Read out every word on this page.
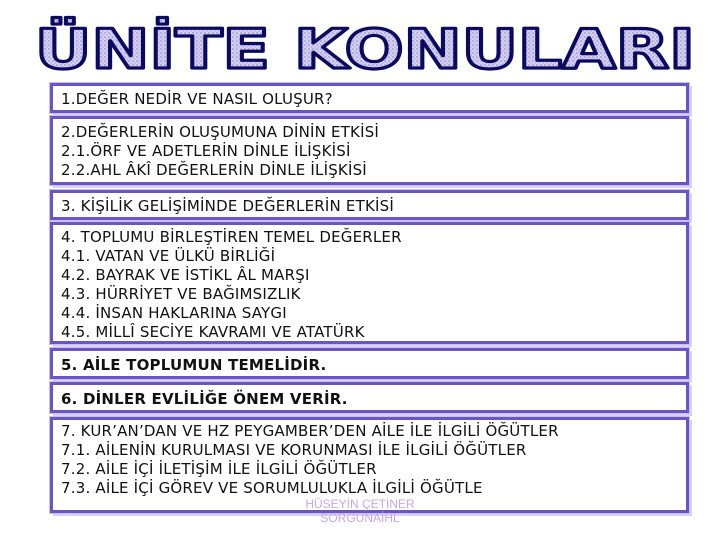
ÜNİTE KONULARI
1.DEĞER NEDİR VE NASIL OLUŞUR?
2.DEĞERLERİN OLUŞUMUNA DİNİN ETKİSİ
2.1.ÖRF VE ADETLERİN DİNLE İLİŞKİSİ
2.2.AHL ÂKÎ DEĞERLERİN DİNLE İLİŞKİSİ
3. KİŞİLİK GELİŞİMİNDE DEĞERLERİN ETKİSİ
4. TOPLUMU BİRLEŞTİREN TEMEL DEĞERLER
4.1. VATAN VE ÜLKÜ BİRLİĞİ
4.2. BAYRAK VE İSTİKL ÂL MARŞI
4.3. HÜRRİYET VE BAĞIMSIZLIK
4.4. İNSAN HAKLARINA SAYGI
4.5. MİLLÎ SECİYE KAVRAMI VE ATATÜRK
5. AİLE TOPLUMUN TEMELİDİR.
6. DİNLER EVLİLİĞE ÖNEM VERİR.
7. KUR’AN’DAN VE HZ PEYGAMBER’DEN AİLE İLE İLGİLİ ÖĞÜTLER
7.1. AİLENİN KURULMASI VE KORUNMASI İLE İLGİLİ ÖĞÜTLER
7.2. AİLE İÇİ İLETİŞİM İLE İLGİLİ ÖĞÜTLER
7.3. AİLE İÇİ GÖREV VE SORUMLULUKLA İLGİLİ ÖĞÜTLE
HÜSEYİN ÇETİNER
SORGUNAİHL
